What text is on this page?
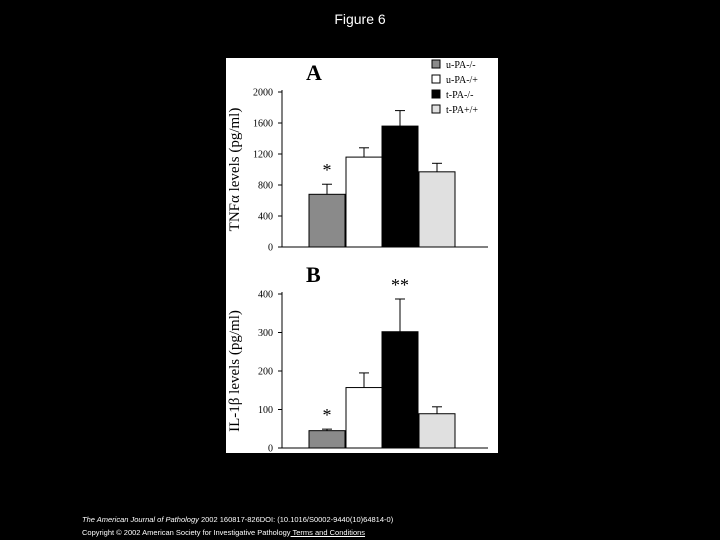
Figure 6
A
0
400
800
1200
1600
2000
TNFα levels (pg/ml)	*
B
0
100
200
300
400
IL-1β levels (pg/ml)	*
**
u-PA-/-
u-PA-/+
t-PA-/-
t-PA+/+
The American Journal of Pathology 2002 160817-826DOI: (10.1016/S0002-9440(10)64814-0)
Copyright © 2002 American Society for Investigative Pathology Terms and Conditions
